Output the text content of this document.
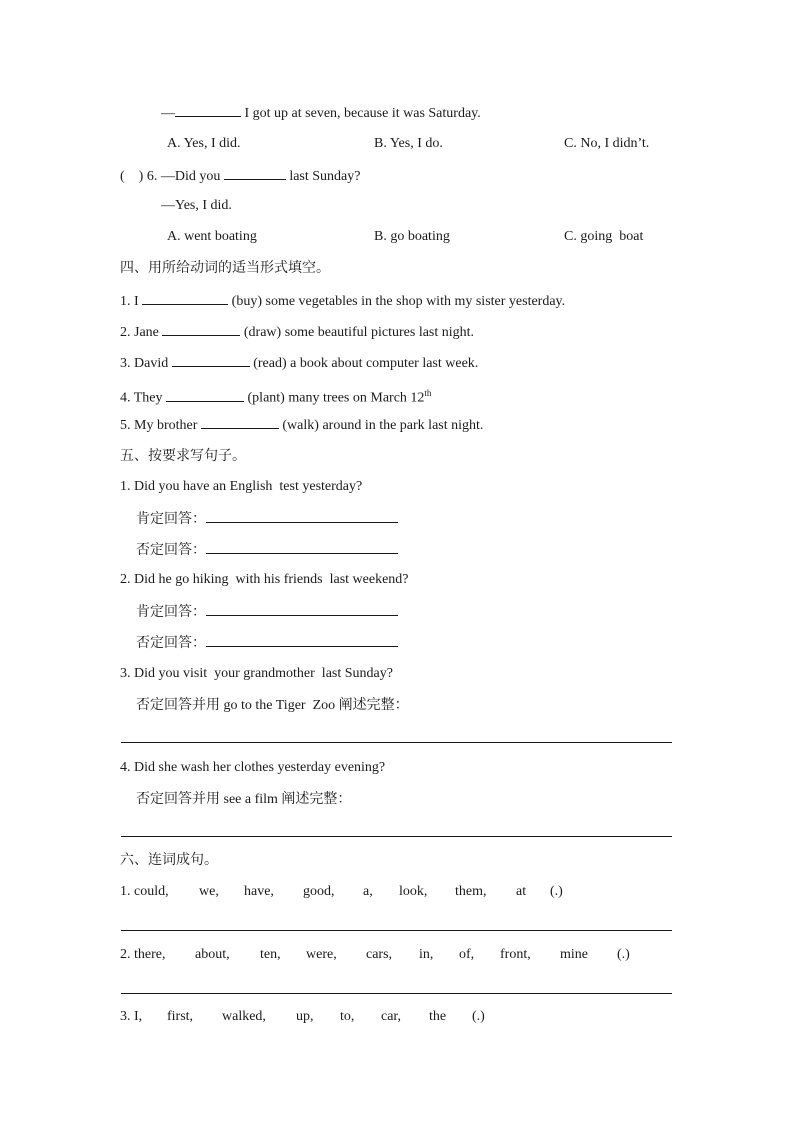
—	I got up at seven, because it was Saturday.
A. Yes, I did.	B. Yes, I do.	C. No, I didn’t.
(    ) 6. —Did you	last Sunday?
—Yes, I did.
A. went boating	B. go boating	C. going  boat
四、用所给动词的适当形式填空。
1. I	(buy) some vegetables in the shop with my sister yesterday.
2. Jane	(draw) some beautiful pictures last night.
3. David	(read) a book about computer last week.
4. They	(plant) many trees on March 12th
5. My brother	(walk) around in the park last night.
五、按要求写句子。
1. Did you have an English  test yesterday?
肯定回答：
否定回答：
2. Did he go hiking  with his friends  last weekend?
肯定回答：
否定回答：
3. Did you visit  your grandmother  last Sunday?
否定回答并用 go to the Tiger  Zoo 阐述完整：
4. Did she wash her clothes yesterday evening?
否定回答并用 see a film 阐述完整：
六、连词成句。
1. could, we, have, good, a, look, them, at (.)
2. there, about, ten, were, cars, in, of, front, mine (.)
3. I, first, walked, up, to, car, the (.)
